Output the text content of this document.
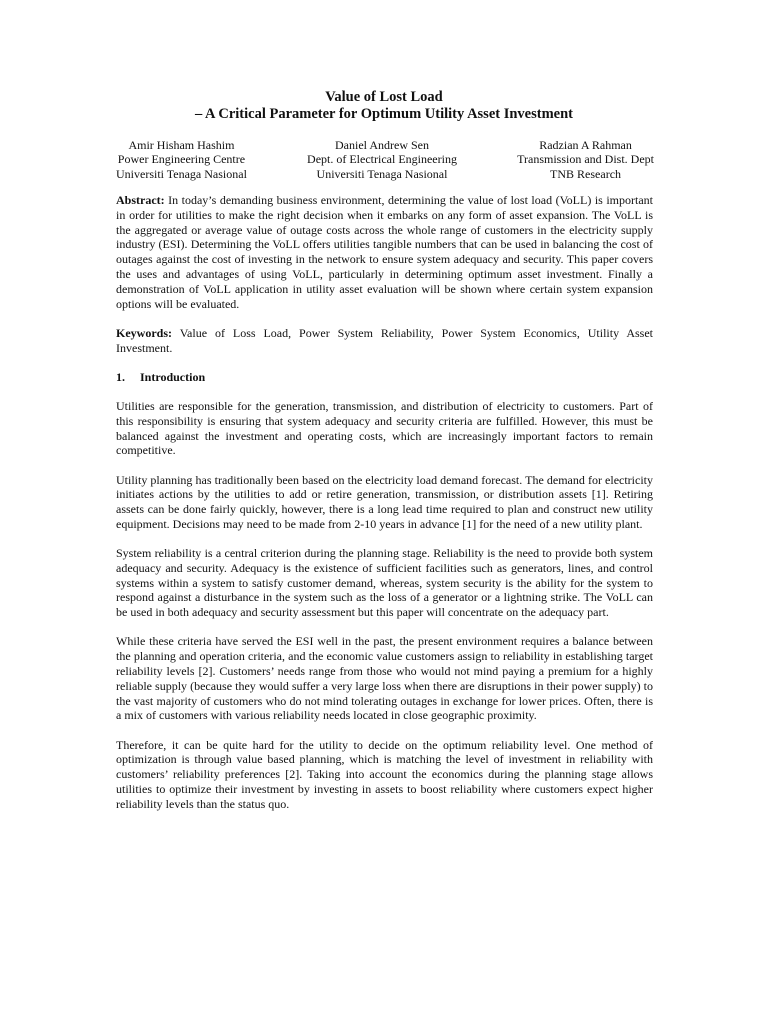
Value of Lost Load

– A Critical Parameter for Optimum Utility Asset Investment

Amir Hisham Hashim
Power Engineering Centre
Universiti Tenaga Nasional
Daniel Andrew Sen
Dept. of Electrical Engineering
Universiti Tenaga Nasional
Radzian A Rahman
Transmission and Dist. Dept
TNB Research

Abstract: In today’s demanding business environment, determining the value of lost load (VoLL) is important in order for utilities to make the right decision when it embarks on any form of asset expansion. The VoLL is the aggregated or average value of outage costs across the whole range of customers in the electricity supply industry (ESI). Determining the VoLL offers utilities tangible numbers that can be used in balancing the cost of outages against the cost of investing in the network to ensure system adequacy and security. This paper covers the uses and advantages of using VoLL, particularly in determining optimum asset investment. Finally a demonstration of VoLL application in utility asset evaluation will be shown where certain system expansion options will be evaluated.

Keywords: Value of Loss Load, Power System Reliability, Power System Economics, Utility Asset Investment.

1. Introduction

Utilities are responsible for the generation, transmission, and distribution of electricity to customers. Part of this responsibility is ensuring that system adequacy and security criteria are fulfilled. However, this must be balanced against the investment and operating costs, which are increasingly important factors to remain competitive.

Utility planning has traditionally been based on the electricity load demand forecast. The demand for electricity initiates actions by the utilities to add or retire generation, transmission, or distribution assets [1]. Retiring assets can be done fairly quickly, however, there is a long lead time required to plan and construct new utility equipment. Decisions may need to be made from 2-10 years in advance [1] for the need of a new utility plant.

System reliability is a central criterion during the planning stage. Reliability is the need to provide both system adequacy and security. Adequacy is the existence of sufficient facilities such as generators, lines, and control systems within a system to satisfy customer demand, whereas, system security is the ability for the system to respond against a disturbance in the system such as the loss of a generator or a lightning strike. The VoLL can be used in both adequacy and security assessment but this paper will concentrate on the adequacy part.

While these criteria have served the ESI well in the past, the present environment requires a balance between the planning and operation criteria, and the economic value customers assign to reliability in establishing target reliability levels [2]. Customers’ needs range from those who would not mind paying a premium for a highly reliable supply (because they would suffer a very large loss when there are disruptions in their power supply) to the vast majority of customers who do not mind tolerating outages in exchange for lower prices. Often, there is a mix of customers with various reliability needs located in close geographic proximity.

Therefore, it can be quite hard for the utility to decide on the optimum reliability level. One method of optimization is through value based planning, which is matching the level of investment in reliability with customers’ reliability preferences [2]. Taking into account the economics during the planning stage allows utilities to optimize their investment by investing in assets to boost reliability where customers expect higher reliability levels than the status quo.
